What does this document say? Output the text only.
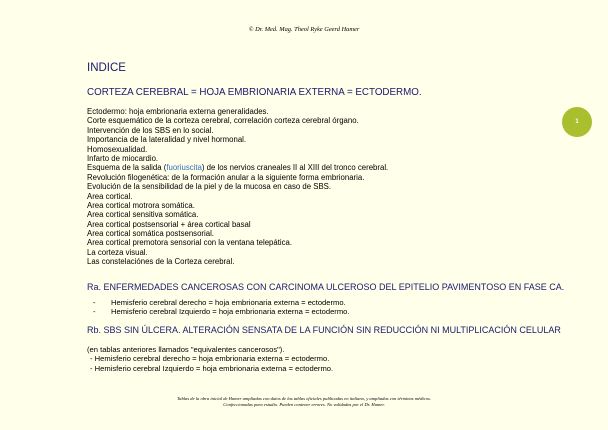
© Dr. Med. Mag. Theol Ryke Geerd Hamer
1
INDICE
CORTEZA CEREBRAL = HOJA EMBRIONARIA EXTERNA = ECTODERMO.
Ectodermo: hoja embrionaria externa generalidades.
Corte esquemático de la corteza cerebral, correlación corteza cerebral órgano.
Intervención de los SBS en lo social.
Importancia de la lateralidad y nivel hormonal.
Homosexualidad.
Infarto de miocardio.
Esquema de la salida (fuoriuscita) de los nervios craneales II al XIII del tronco cerebral.
Revolución filogenética: de la formación anular a la siguiente forma embrionaria.
Evolución de la sensibilidad de la piel y de la mucosa en caso de SBS.
Area cortical.
Area cortical motrora somática.
Area cortical sensitiva somática.
Area cortical postsensorial + área cortical basal
Area cortical somática postsensorial.
Area cortical premotora sensorial con la ventana telepática.
La corteza visual.
Las constelaciónes de la Corteza cerebral.
Ra. ENFERMEDADES CANCEROSAS CON CARCINOMA ULCEROSO DEL EPITELIO PAVIMENTOSO EN FASE CA.
- Hemisferio cerebral derecho = hoja embrionaria externa = ectodermo.
- Hemisferio cerebral Izquierdo = hoja embrionaria externa = ectodermo.
Rb. SBS SIN ÚLCERA. ALTERACIÓN SENSATA DE LA FUNCIÓN SIN REDUCCIÓN NI MULTIPLICACIÓN CELULAR
(en tablas anteriores llamados "equivalentes cancerosos").
- Hemisferio cerebral derecho = hoja embrionaria externa = ectodermo.
- Hemisferio cerebral Izquierdo = hoja embrionaria externa = ectodermo.
Tablas de la obra inicial de Hamer ampliadas con datos de las tablas oficiales publicadas en italiano, y ampliadas con términos médicos.
Confeccionadas para estudio. Pueden contener errores. No validadas por el Dr. Hamer.
